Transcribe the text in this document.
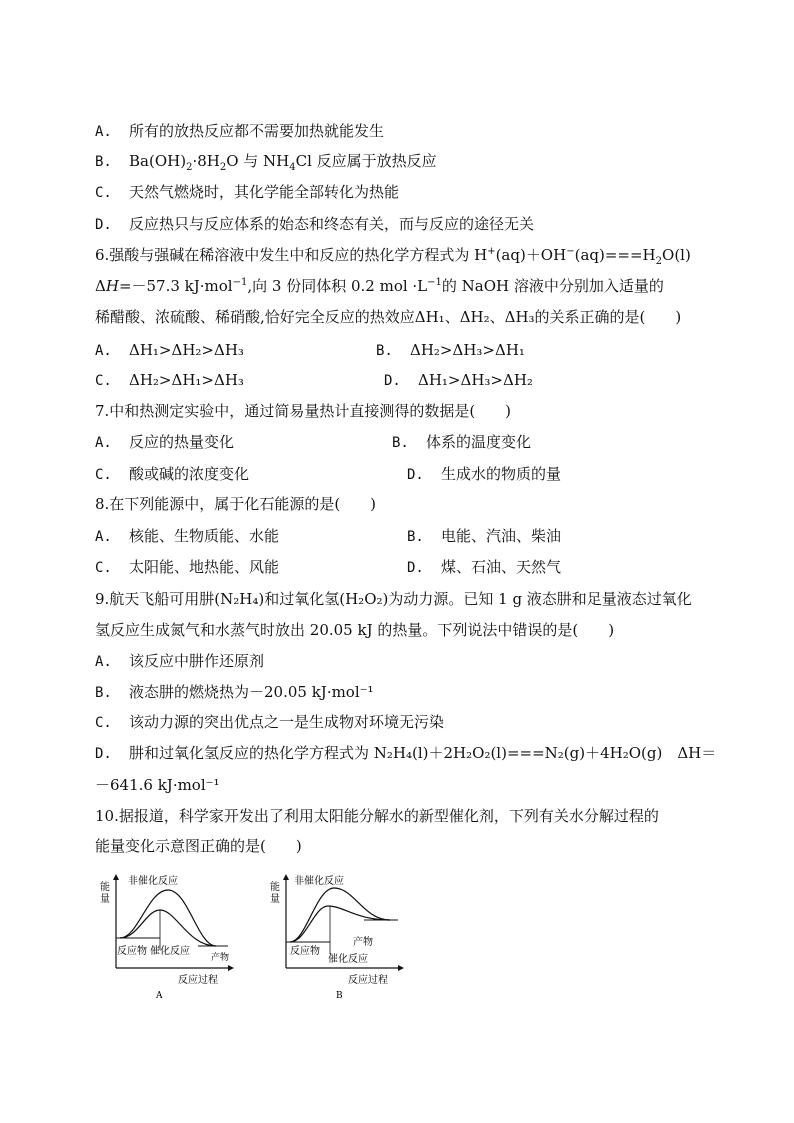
A. 所有的放热反应都不需要加热就能发生
B. $Ba(OH)_2\cdot 8H_2O$ 与 $NH_4Cl$ 反应属于放热反应
C. 天然气燃烧时，其化学能全部转化为热能
D. 反应热只与反应体系的始态和终态有关，而与反应的途径无关
6.强酸与强碱在稀溶液中发生中和反应的热化学方程式为 $H^+(aq)+OH^-(aq)===H_2O(l)$
ΔH=－57.3 kJ·mol$^{-1}$,向 3 份同体积 0.2 mol $\cdot L^{-1}$的 NaOH 溶液中分别加入适量的
稀醋酸、浓硫酸、稀硝酸,恰好完全反应的热效应ΔH₁、ΔH₂、ΔH₃的关系正确的是(　　)
A. ΔH₁>ΔH₂>ΔH₃	B. ΔH₂>ΔH₃>ΔH₁
C. ΔH₂>ΔH₁>ΔH₃	D. ΔH₁>ΔH₃>ΔH₂
7.中和热测定实验中，通过简易量热计直接测得的数据是(　　)
A. 反应的热量变化	B. 体系的温度变化
C. 酸或碱的浓度变化	D. 生成水的物质的量
8.在下列能源中，属于化石能源的是(　　)
A. 核能、生物质能、水能	B. 电能、汽油、柴油
C. 太阳能、地热能、风能	D. 煤、石油、天然气
9.航天飞船可用肼(N₂H₄)和过氧化氢(H₂O₂)为动力源。已知 1 g 液态肼和足量液态过氧化
氢反应生成氮气和水蒸气时放出 20.05 kJ 的热量。下列说法中错误的是(　　)
A. 该反应中肼作还原剂
B. 液态肼的燃烧热为－20.05 kJ·mol⁻¹
C. 该动力源的突出优点之一是生成物对环境无污染
D. 肼和过氧化氢反应的热化学方程式为 N₂H₄(l)＋2H₂O₂(l)===N₂(g)＋4H₂O(g)　ΔH＝
－641.6 kJ·mol⁻¹
10.据报道，科学家开发出了利用太阳能分解水的新型催化剂，下列有关水分解过程的
能量变化示意图正确的是(　　)
能
量
非催化反应
反应物 催化反应
产物
反应过程
A
能
量
非催化反应
反应物
催化反应
产物
反应过程
B
